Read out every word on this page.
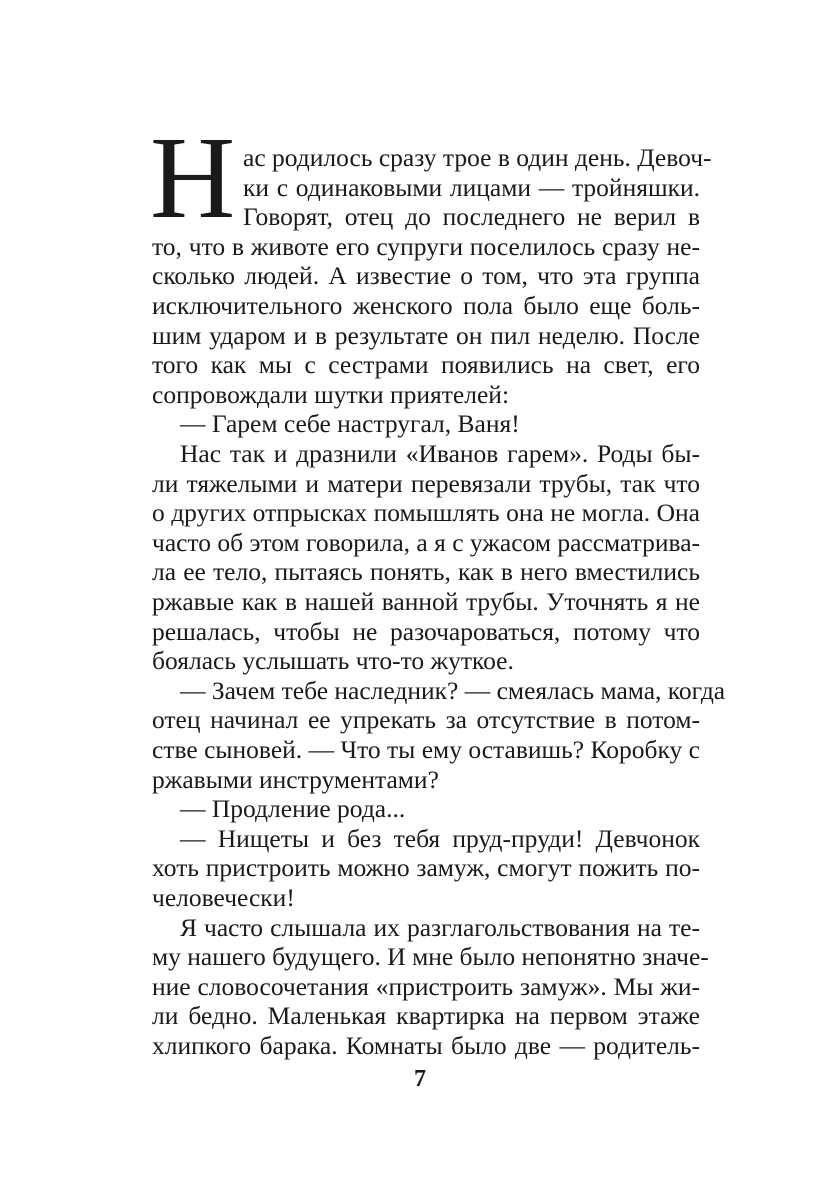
Н ас родилось сразу трое в один день. Девоч-
ки с одинаковыми лицами — тройняшки.
Говорят, отец до последнего не верил в
то, что в животе его супруги поселилось сразу не-
сколько людей. А известие о том, что эта группа
исключительного женского пола было еще боль-
шим ударом и в результате он пил неделю. После
того как мы с сестрами появились на свет, его
сопровождали шутки приятелей:
— Гарем себе настругал, Ваня!
Нас так и дразнили «Иванов гарем». Роды бы-
ли тяжелыми и матери перевязали трубы, так что
о других отпрысках помышлять она не могла. Она
часто об этом говорила, а я с ужасом рассматрива-
ла ее тело, пытаясь понять, как в него вместились
ржавые как в нашей ванной трубы. Уточнять я не
решалась, чтобы не разочароваться, потому что
боялась услышать что-то жуткое.
— Зачем тебе наследник? — смеялась мама, когда
отец начинал ее упрекать за отсутствие в потом-
стве сыновей. — Что ты ему оставишь? Коробку с
ржавыми инструментами?
— Продление рода...
— Нищеты и без тебя пруд-пруди! Девчонок
хоть пристроить можно замуж, смогут пожить по-
человечески!
Я часто слышала их разглагольствования на те-
му нашего будущего. И мне было непонятно значе-
ние словосочетания «пристроить замуж». Мы жи-
ли бедно. Маленькая квартирка на первом этаже
хлипкого барака. Комнаты было две — родитель-
7
